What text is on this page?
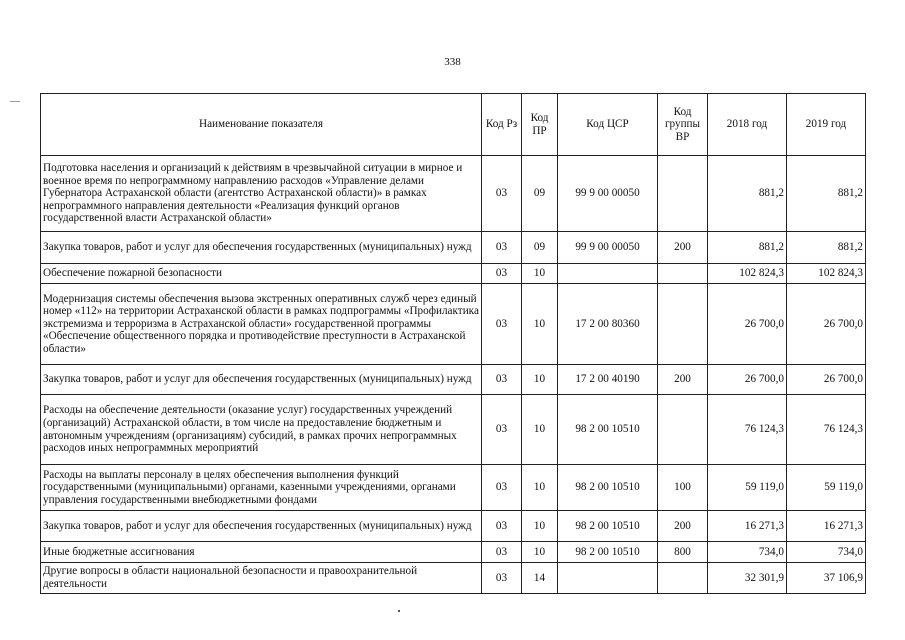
338
Наименование показателя	Код Рз	Код ПР	Код ЦСР	Код группы ВР	2018 год	2019 год
Подготовка населения и организаций к действиям в чрезвычайной ситуации в мирное и военное время по непрограммному направлению расходов «Управление делами Губернатора Астраханской области (агентство Астраханской области)» в рамках непрограммного направления деятельности «Реализация функций органов государственной власти Астраханской области»	03	09	99 9 00 00050		881,2	881,2
Закупка товаров, работ и услуг для обеспечения государственных (муниципальных) нужд	03	09	99 9 00 00050	200	881,2	881,2
Обеспечение пожарной безопасности	03	10			102 824,3	102 824,3
Модернизация системы обеспечения вызова экстренных оперативных служб через единый номер «112» на территории Астраханской области в рамках подпрограммы «Профилактика экстремизма и терроризма в Астраханской области» государственной программы «Обеспечение общественного порядка и противодействие преступности в Астраханской области»	03	10	17 2 00 80360		26 700,0	26 700,0
Закупка товаров, работ и услуг для обеспечения государственных (муниципальных) нужд	03	10	17 2 00 40190	200	26 700,0	26 700,0
Расходы на обеспечение деятельности (оказание услуг) государственных учреждений (организаций) Астраханской области, в том числе на предоставление бюджетным и автономным учреждениям (организациям) субсидий, в рамках прочих непрограммных расходов иных непрограммных мероприятий	03	10	98 2 00 10510		76 124,3	76 124,3
Расходы на выплаты персоналу в целях обеспечения выполнения функций государственными (муниципальными) органами, казенными учреждениями, органами управления государственными внебюджетными фондами	03	10	98 2 00 10510	100	59 119,0	59 119,0
Закупка товаров, работ и услуг для обеспечения государственных (муниципальных) нужд	03	10	98 2 00 10510	200	16 271,3	16 271,3
Иные бюджетные ассигнования	03	10	98 2 00 10510	800	734,0	734,0
Другие вопросы в области национальной безопасности и правоохранительной деятельности	03	14			32 301,9	37 106,9
